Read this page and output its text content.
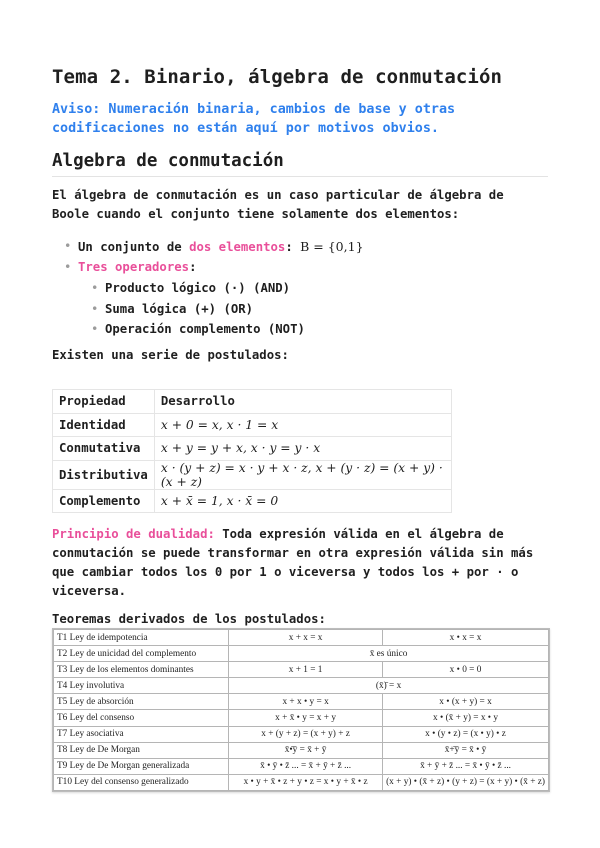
Tema 2. Binario, álgebra de conmutación

Aviso: Numeración binaria, cambios de base y otras codificaciones no están aquí por motivos obvios.

Algebra de conmutación

El álgebra de conmutación es un caso particular de álgebra de Boole cuando el conjunto tiene solamente dos elementos:

• Un conjunto de dos elementos: B = {0,1}
• Tres operadores:
• Producto lógico (·) (AND)
• Suma lógica (+) (OR)
• Operación complemento (NOT)

Existen una serie de postulados:

Propiedad	Desarrollo
Identidad	x + 0 = x, x · 1 = x
Conmutativa	x + y = y + x, x · y = y · x
Distributiva	x · (y + z) = x · y + x · z, x + (y · z) = (x + y) · (x + z)
Complemento	x + x̄ = 1, x · x̄ = 0

Principio de dualidad: Toda expresión válida en el álgebra de conmutación se puede transformar en otra expresión válida sin más que cambiar todos los 0 por 1 o viceversa y todos los + por · o viceversa.

Teoremas derivados de los postulados:

T1 Ley de idempotencia	x + x = x	x • x = x
T2 Ley de unicidad del complemento	x̄ es único	
T3 Ley de los elementos dominantes	x + 1 = 1	x • 0 = 0
T4 Ley involutiva	(x̄)̄ = x	
T5 Ley de absorción	x + x • y = x	x • (x + y) = x
T6 Ley del consenso	x + x̄ • y = x + y	x • (x̄ + y) = x • y
T7 Ley asociativa	x + (y + z) = (x + y) + z	x • (y • z) = (x • y) • z
T8 Ley de De Morgan	x̄•̄ȳ = x̄ + ȳ	x̄+̄ȳ = x̄ • ȳ
T9 Ley de De Morgan generalizada	x̄ • ȳ • z̄ ... = x̄ + ȳ + z̄ ...	x̄ + ȳ + z̄ ... = x̄ • ȳ • z̄ ...
T10 Ley del consenso generalizado	x • y + x̄ • z + y • z = x • y + x̄ • z	(x + y) • (x̄ + z) • (y + z) = (x + y) • (x̄ + z)
